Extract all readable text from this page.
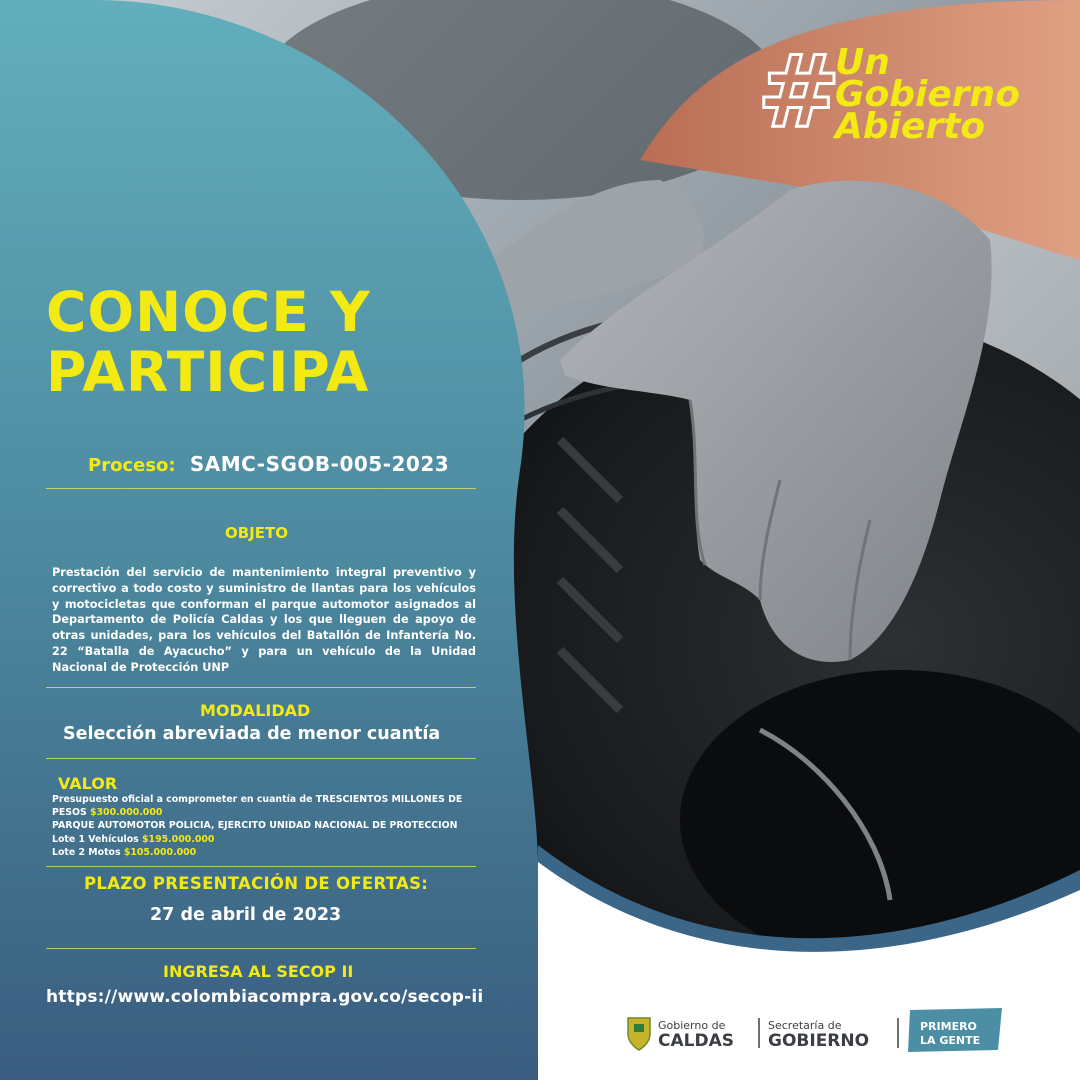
#
Un
Gobierno
Abierto
CONOCE Y
PARTICIPA
Proceso: SAMC-SGOB-005-2023
OBJETO
Prestación del servicio de mantenimiento integral preventivo y correctivo a todo costo y suministro de llantas para los vehículos y motocicletas que conforman el parque automotor asignados al Departamento de Policía Caldas y los que lleguen de apoyo de otras unidades, para los vehículos del Batallón de Infantería No. 22 “Batalla de Ayacucho” y para un vehículo de la Unidad Nacional de Protección UNP
MODALIDAD
Selección abreviada de menor cuantía
VALOR
Presupuesto oficial a comprometer en cuantía de TRESCIENTOS MILLONES DE
PESOS $300.000.000
PARQUE AUTOMOTOR POLICIA, EJERCITO UNIDAD NACIONAL DE PROTECCION
Lote 1 Vehículos $195.000.000
Lote 2 Motos $105.000.000
PLAZO PRESENTACIÓN DE OFERTAS:
27 de abril de 2023
INGRESA AL SECOP II
https://www.colombiacompra.gov.co/secop-ii
Gobierno de
CALDAS
Secretaría de
GOBIERNO
PRIMERO
LA GENTE
